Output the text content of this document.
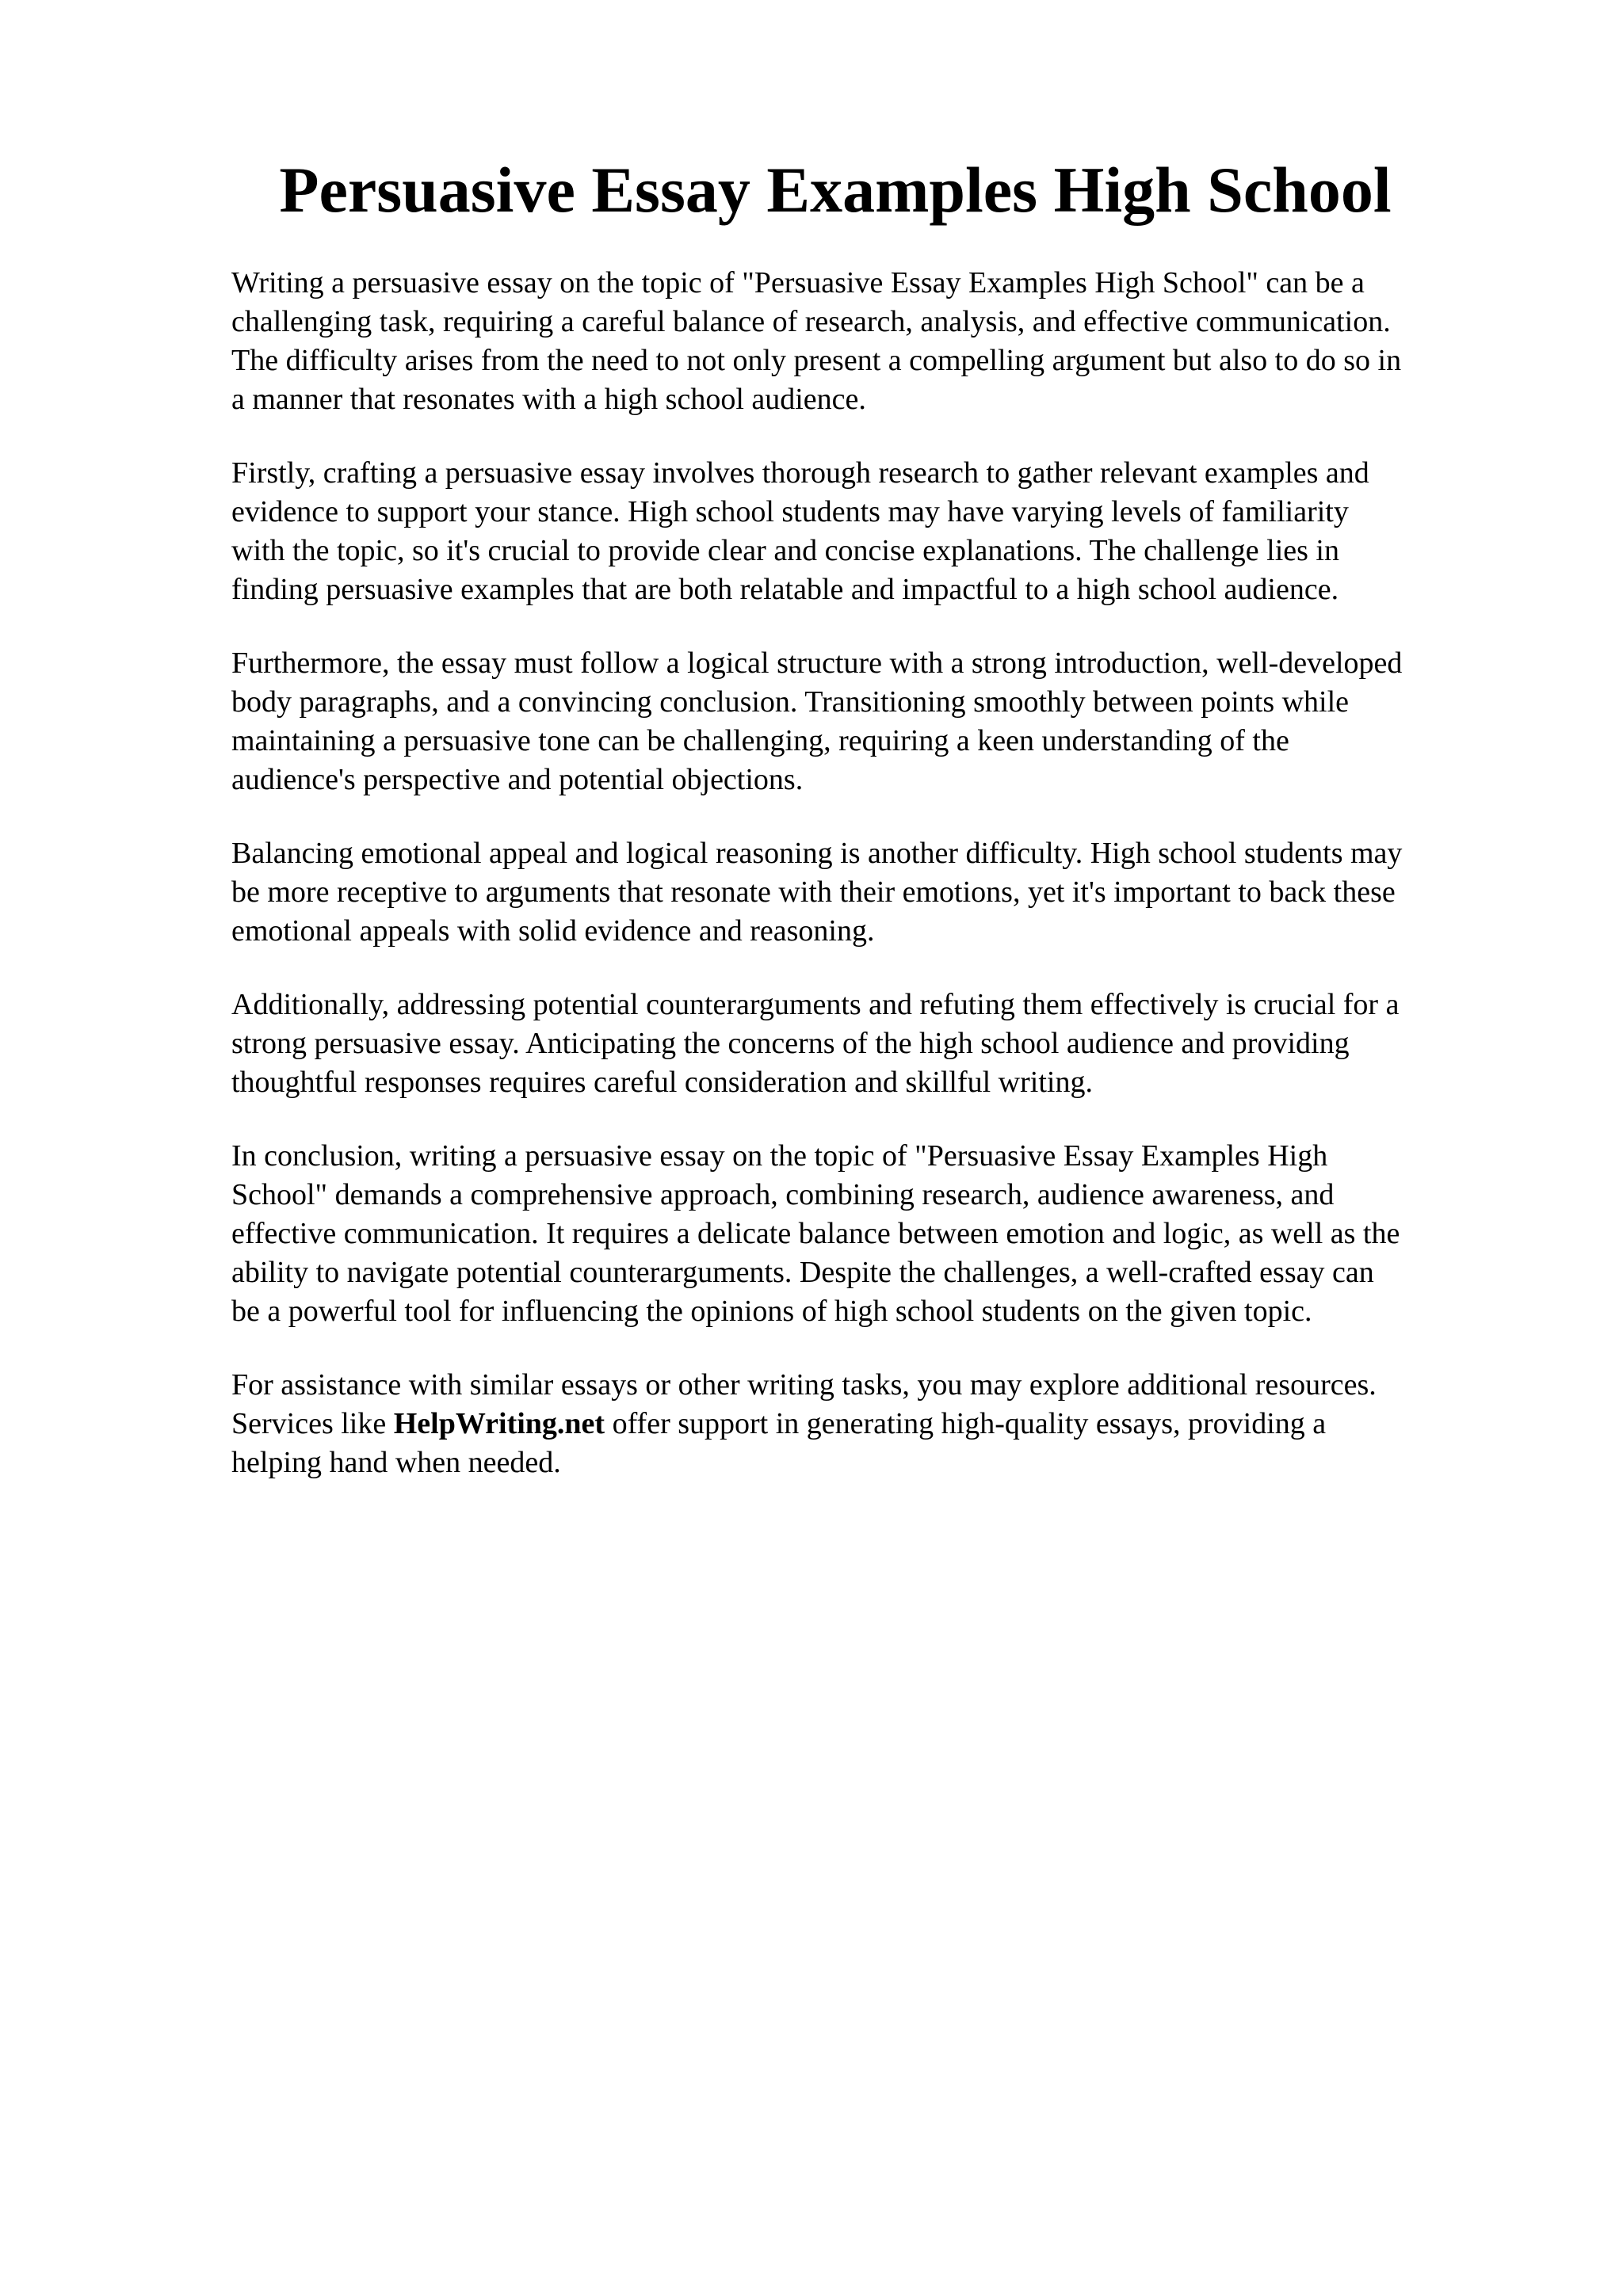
Persuasive Essay Examples High School

Writing a persuasive essay on the topic of "Persuasive Essay Examples High School" can be a
challenging task, requiring a careful balance of research, analysis, and effective communication.
The difficulty arises from the need to not only present a compelling argument but also to do so in
a manner that resonates with a high school audience.

Firstly, crafting a persuasive essay involves thorough research to gather relevant examples and
evidence to support your stance. High school students may have varying levels of familiarity
with the topic, so it's crucial to provide clear and concise explanations. The challenge lies in
finding persuasive examples that are both relatable and impactful to a high school audience.

Furthermore, the essay must follow a logical structure with a strong introduction, well-developed
body paragraphs, and a convincing conclusion. Transitioning smoothly between points while
maintaining a persuasive tone can be challenging, requiring a keen understanding of the
audience's perspective and potential objections.

Balancing emotional appeal and logical reasoning is another difficulty. High school students may
be more receptive to arguments that resonate with their emotions, yet it's important to back these
emotional appeals with solid evidence and reasoning.

Additionally, addressing potential counterarguments and refuting them effectively is crucial for a
strong persuasive essay. Anticipating the concerns of the high school audience and providing
thoughtful responses requires careful consideration and skillful writing.

In conclusion, writing a persuasive essay on the topic of "Persuasive Essay Examples High
School" demands a comprehensive approach, combining research, audience awareness, and
effective communication. It requires a delicate balance between emotion and logic, as well as the
ability to navigate potential counterarguments. Despite the challenges, a well-crafted essay can
be a powerful tool for influencing the opinions of high school students on the given topic.

For assistance with similar essays or other writing tasks, you may explore additional resources.
Services like HelpWriting.net offer support in generating high-quality essays, providing a
helping hand when needed.
